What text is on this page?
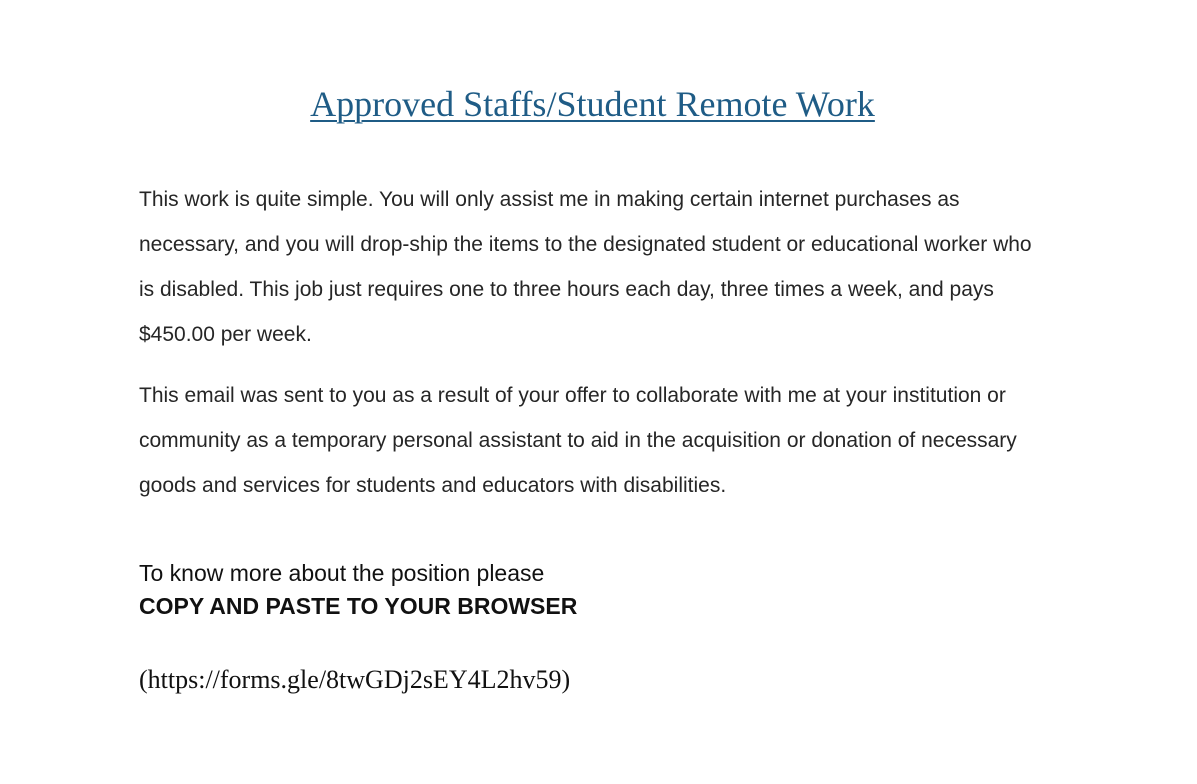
Approved Staffs/Student Remote Work

This work is quite simple. You will only assist me in making certain internet purchases as necessary, and you will drop-ship the items to the designated student or educational worker who is disabled. This job just requires one to three hours each day, three times a week, and pays $450.00 per week.

This email was sent to you as a result of your offer to collaborate with me at your institution or community as a temporary personal assistant to aid in the acquisition or donation of necessary goods and services for students and educators with disabilities.

To know more about the position please
COPY AND PASTE TO YOUR BROWSER
(https://forms.gle/8twGDj2sEY4L2hv59)
